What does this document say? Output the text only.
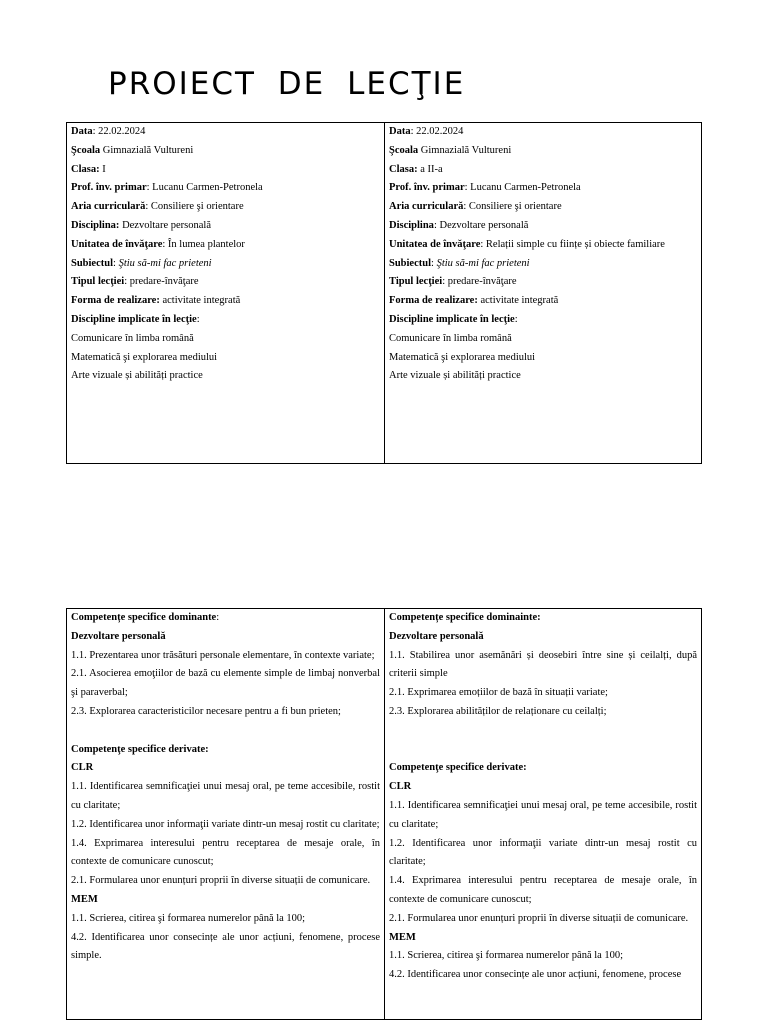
PROIECT DE LECŢIE
Data: 22.02.2024
Şcoala Gimnazială Vultureni
Clasa: I
Prof. înv. primar: Lucanu Carmen-Petronela
Aria curriculară: Consiliere şi orientare
Disciplina: Dezvoltare personală
Unitatea de învăţare: În lumea plantelor
Subiectul: Ştiu să-mi fac prieteni
Tipul lecţiei: predare-învăţare
Forma de realizare: activitate integrată
Discipline implicate în lecţie:
Comunicare în limba română
Matematică şi explorarea mediului
Arte vizuale și abilități practice

Data: 22.02.2024
Şcoala Gimnazială Vultureni
Clasa: a II-a
Prof. înv. primar: Lucanu Carmen-Petronela
Aria curriculară: Consiliere şi orientare
Disciplina: Dezvoltare personală
Unitatea de învăţare: Relații simple cu ființe și obiecte familiare
Subiectul: Ştiu să-mi fac prieteni
Tipul lecţiei: predare-învăţare
Forma de realizare: activitate integrată
Discipline implicate în lecţie:
Comunicare în limba română
Matematică şi explorarea mediului
Arte vizuale și abilități practice
Competențe specifice dominante:
Dezvoltare personală
1.1. Prezentarea unor trăsături personale elementare, în contexte variate;
2.1. Asocierea emoţiilor de bază cu elemente simple de limbaj nonverbal şi paraverbal;
2.3. Explorarea caracteristicilor necesare pentru a fi bun prieten;
Competenţe specifice derivate:
CLR
1.1. Identificarea semnificaţiei unui mesaj oral, pe teme accesibile, rostit cu claritate;
1.2. Identificarea unor informaţii variate dintr-un mesaj rostit cu claritate;
1.4. Exprimarea interesului pentru receptarea de mesaje orale, în contexte de comunicare cunoscut;
2.1. Formularea unor enunțuri proprii în diverse situații de comunicare.
MEM
1.1. Scrierea, citirea şi formarea numerelor până la 100;
4.2. Identificarea unor consecințe ale unor acțiuni, fenomene, procese simple.

Competențe specifice dominainte:
Dezvoltare personală
1.1. Stabilirea unor asemănări și deosebiri între sine și ceilalți, după criterii simple
2.1. Exprimarea emoțiilor de bază în situații variate;
2.3. Explorarea abilităților de relaționare cu ceilalți;
Competenţe specifice derivate:
CLR
1.1. Identificarea semnificaţiei unui mesaj oral, pe teme accesibile, rostit cu claritate;
1.2. Identificarea unor informaţii variate dintr-un mesaj rostit cu claritate;
1.4. Exprimarea interesului pentru receptarea de mesaje orale, în contexte de comunicare cunoscut;
2.1. Formularea unor enunțuri proprii în diverse situații de comunicare.
MEM
1.1. Scrierea, citirea şi formarea numerelor până la 100;
4.2. Identificarea unor consecințe ale unor acțiuni, fenomene, procese
